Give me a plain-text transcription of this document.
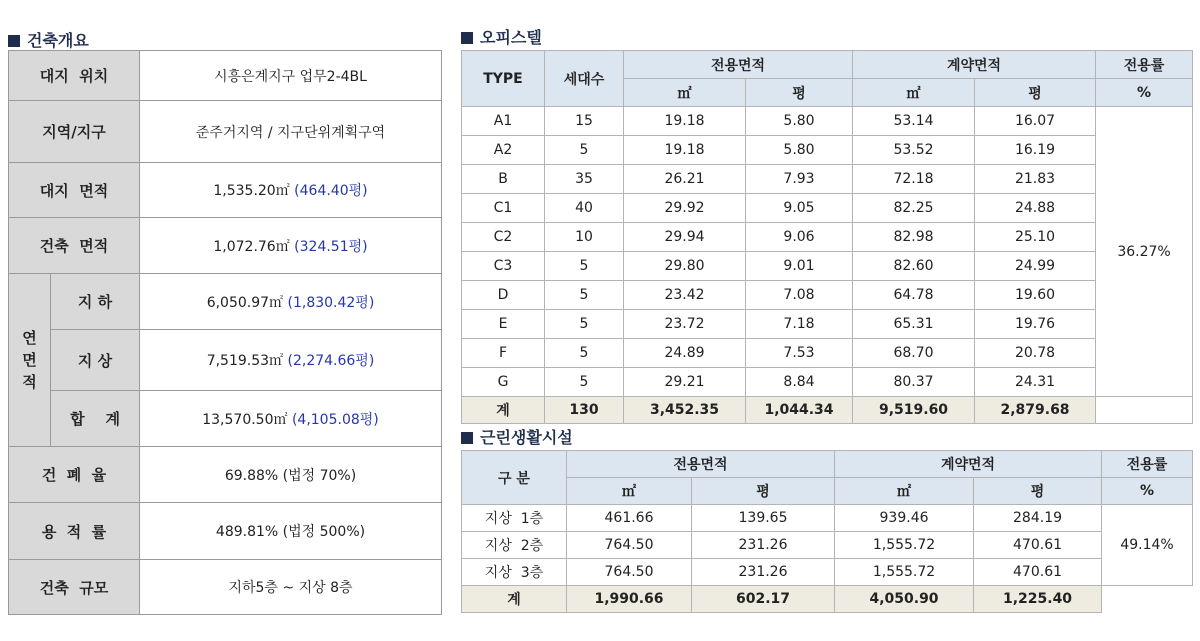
건축개요
대지  위치		시흥은계지구 업무2-4BL
지역/지구		준주거지역 / 지구단위계획구역
대지  면적		1,535.20㎡ (464.40평)
건축  면적		1,072.76㎡ (324.51평)
연면적	지 하	6,050.97㎡ (1,830.42평)
	지 상	7,519.53㎡ (2,274.66평)
	합    계	13,570.50㎡ (4,105.08평)
건  폐  율		69.88% (법정 70%)
용  적  률		489.81% (법정 500%)
건축  규모		지하5층 ~ 지상 8층
오피스텔
TYPE	세대수	전용면적		계약면적		전용률
		㎡	평	㎡	평	%
A1	15	19.18	5.80	53.14	16.07	36.27%
A2	5	19.18	5.80	53.52	16.19	
B	35	26.21	7.93	72.18	21.83	
C1	40	29.92	9.05	82.25	24.88	
C2	10	29.94	9.06	82.98	25.10	
C3	5	29.80	9.01	82.60	24.99	
D	5	23.42	7.08	64.78	19.60	
E	5	23.72	7.18	65.31	19.76	
F	5	24.89	7.53	68.70	20.78	
G	5	29.21	8.84	80.37	24.31	
계	130	3,452.35	1,044.34	9,519.60	2,879.68	
근린생활시설
구 분	전용면적		계약면적		전용률
	㎡	평	㎡	평	%
지상  1층	461.66	139.65	939.46	284.19	49.14%
지상  2층	764.50	231.26	1,555.72	470.61	
지상  3층	764.50	231.26	1,555.72	470.61	
계	1,990.66	602.17	4,050.90	1,225.40	
